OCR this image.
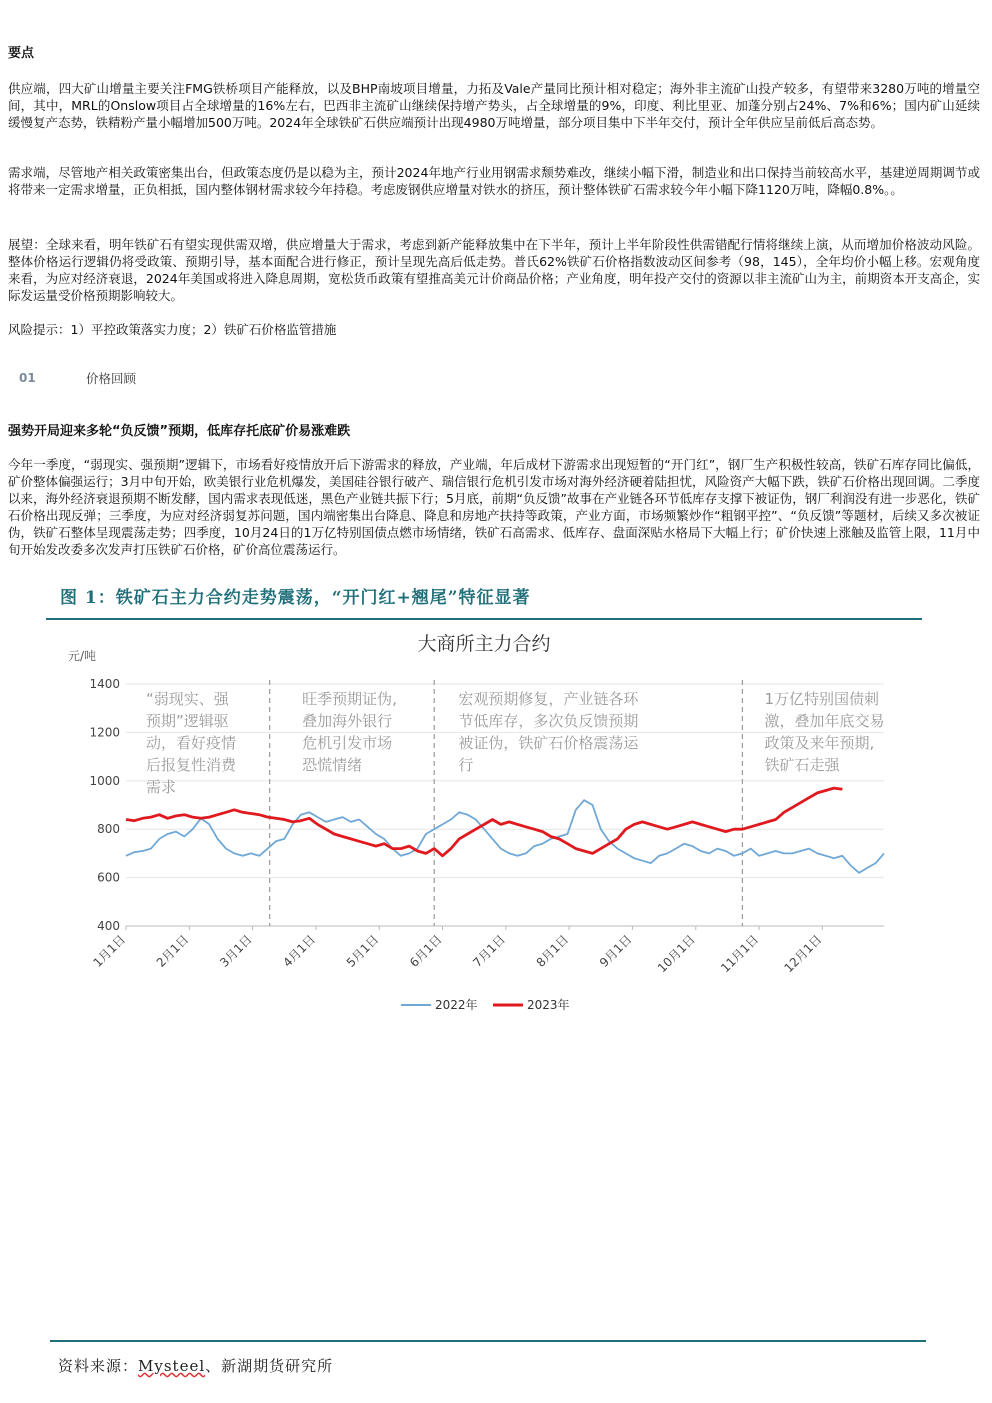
要点

供应端，四大矿山增量主要关注FMG铁桥项目产能释放，以及BHP南坡项目增量，力拓及Vale产量同比预计相对稳定；海外非主流矿山投产较多，有望带来3280万吨的增量空间，其中，MRL的Onslow项目占全球增量的16%左右，巴西非主流矿山继续保持增产势头，占全球增量的9%，印度、利比里亚、加蓬分别占24%、7%和6%；国内矿山延续缓慢复产态势，铁精粉产量小幅增加500万吨。2024年全球铁矿石供应端预计出现4980万吨增量，部分项目集中下半年交付，预计全年供应呈前低后高态势。

需求端，尽管地产相关政策密集出台，但政策态度仍是以稳为主，预计2024年地产行业用钢需求颓势难改，继续小幅下滑，制造业和出口保持当前较高水平，基建逆周期调节或将带来一定需求增量，正负相抵，国内整体钢材需求较今年持稳。考虑废钢供应增量对铁水的挤压，预计整体铁矿石需求较今年小幅下降1120万吨，降幅0.8%。。

展望：全球来看，明年铁矿石有望实现供需双增，供应增量大于需求，考虑到新产能释放集中在下半年，预计上半年阶段性供需错配行情将继续上演，从而增加价格波动风险。整体价格运行逻辑仍将受政策、预期引导，基本面配合进行修正，预计呈现先高后低走势。普氏62%铁矿石价格指数波动区间参考（98，145），全年均价小幅上移。宏观角度来看，为应对经济衰退，2024年美国或将进入降息周期，宽松货币政策有望推高美元计价商品价格；产业角度，明年投产交付的资源以非主流矿山为主，前期资本开支高企，实际发运量受价格预期影响较大。

风险提示：1）平控政策落实力度；2）铁矿石价格监管措施

01	价格回顾
强势开局迎来多轮“负反馈”预期，低库存托底矿价易涨难跌

今年一季度，“弱现实、强预期”逻辑下，市场看好疫情放开后下游需求的释放，产业端，年后成材下游需求出现短暂的“开门红”，钢厂生产积极性较高，铁矿石库存同比偏低，矿价整体偏强运行；3月中旬开始，欧美银行业危机爆发，美国硅谷银行破产、瑞信银行危机引发市场对海外经济硬着陆担忧，风险资产大幅下跌，铁矿石价格出现回调。二季度以来，海外经济衰退预期不断发酵，国内需求表现低迷，黑色产业链共振下行；5月底，前期“负反馈”故事在产业链各环节低库存支撑下被证伪，钢厂利润没有进一步恶化，铁矿石价格出现反弹；三季度，为应对经济弱复苏问题，国内端密集出台降息、降息和房地产扶持等政策，产业方面，市场频繁炒作“粗钢平控”、“负反馈”等题材，后续又多次被证伪，铁矿石整体呈现震荡走势；四季度，10月24日的1万亿特别国债点燃市场情绪，铁矿石高需求、低库存、盘面深贴水格局下大幅上行；矿价快速上涨触及监管上限，11月中旬开始发改委多次发声打压铁矿石价格，矿价高位震荡运行。

图 1：铁矿石主力合约走势震荡，“开门红+翘尾”特征显著
大商所主力合约
元/吨
400
600
800
1000
1200
1400
1月1日 2月1日 3月1日 4月1日 5月1日 6月1日 7月1日 8月1日 9月1日 10月1日 11月1日 12月1日
“弱现实、强
预期”逻辑驱
动，看好疫情
后报复性消费
需求
旺季预期证伪,
叠加海外银行
危机引发市场
恐慌情绪
宏观预期修复，产业链各环
节低库存，多次负反馈预期
被证伪，铁矿石价格震荡运
行
1万亿特别国债刺
激，叠加年底交易
政策及来年预期,
铁矿石走强
2022年	2023年
资料来源：Mysteel、新湖期货研究所
